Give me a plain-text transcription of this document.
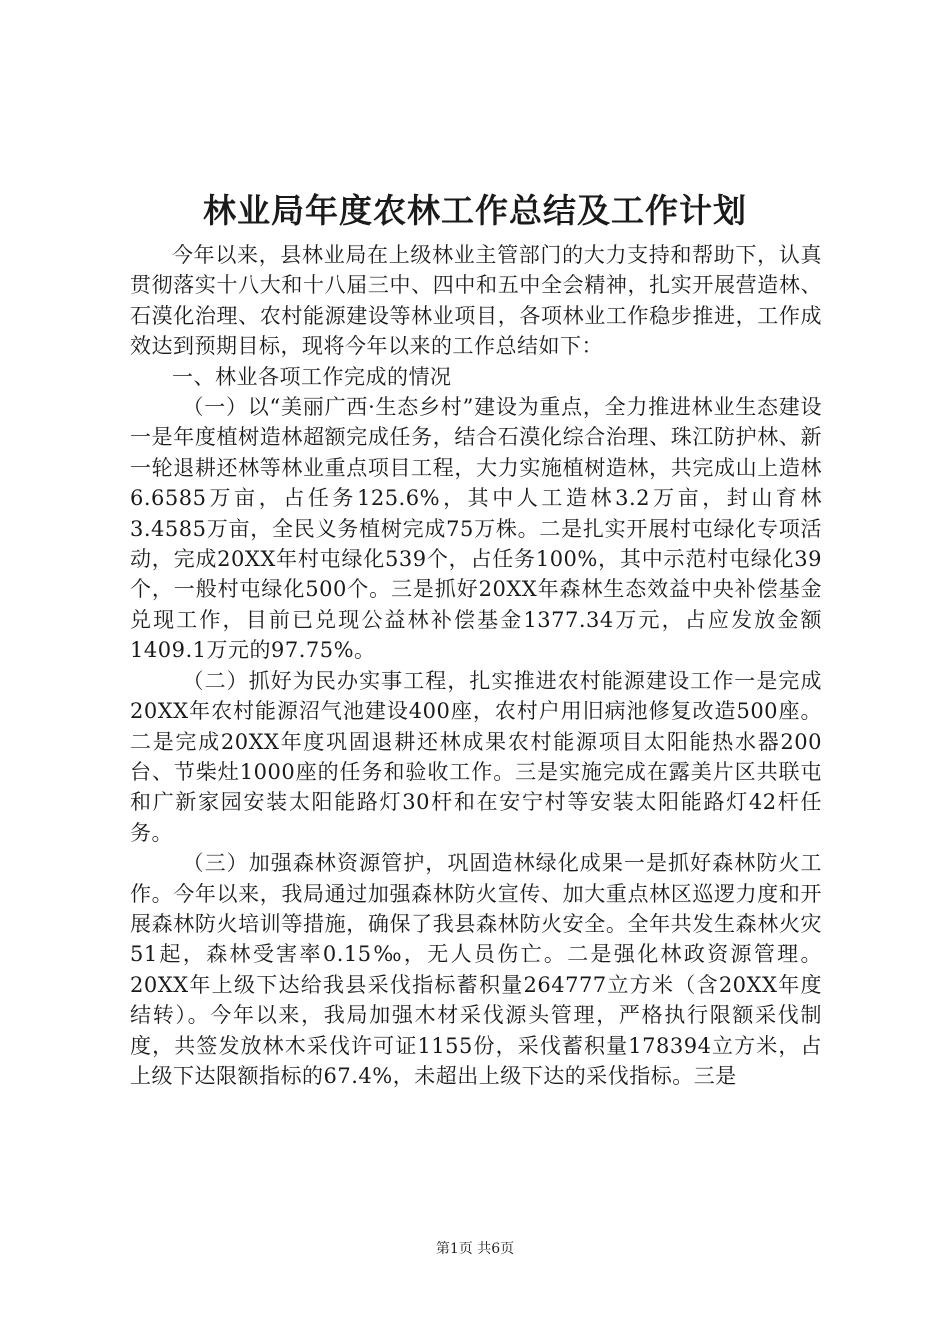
林业局年度农林工作总结及工作计划

今年以来，县林业局在上级林业主管部门的大力支持和帮助下，认真贯彻落实十八大和十八届三中、四中和五中全会精神，扎实开展营造林、石漠化治理、农村能源建设等林业项目，各项林业工作稳步推进，工作成效达到预期目标，现将今年以来的工作总结如下：

一、林业各项工作完成的情况

（一）以“美丽广西·生态乡村”建设为重点，全力推进林业生态建设一是年度植树造林超额完成任务，结合石漠化综合治理、珠江防护林、新一轮退耕还林等林业重点项目工程，大力实施植树造林，共完成山上造林6.6585万亩，占任务125.6%，其中人工造林3.2万亩，封山育林3.4585万亩，全民义务植树完成75万株。二是扎实开展村屯绿化专项活动，完成20XX年村屯绿化539个，占任务100%，其中示范村屯绿化39个，一般村屯绿化500个。三是抓好20XX年森林生态效益中央补偿基金兑现工作，目前已兑现公益林补偿基金1377.34万元，占应发放金额1409.1万元的97.75%。

（二）抓好为民办实事工程，扎实推进农村能源建设工作一是完成20XX年农村能源沼气池建设400座，农村户用旧病池修复改造500座。二是完成20XX年度巩固退耕还林成果农村能源项目太阳能热水器200台、节柴灶1000座的任务和验收工作。三是实施完成在露美片区共联屯和广新家园安装太阳能路灯30杆和在安宁村等安装太阳能路灯42杆任务。

（三）加强森林资源管护，巩固造林绿化成果一是抓好森林防火工作。今年以来，我局通过加强森林防火宣传、加大重点林区巡逻力度和开展森林防火培训等措施，确保了我县森林防火安全。全年共发生森林火灾51起，森林受害率0.15‰，无人员伤亡。二是强化林政资源管理。20XX年上级下达给我县采伐指标蓄积量264777立方米（含20XX年度结转）。今年以来，我局加强木材采伐源头管理，严格执行限额采伐制度，共签发放林木采伐许可证1155份，采伐蓄积量178394立方米，占上级下达限额指标的67.4%，未超出上级下达的采伐指标。三是

第1页 共6页
